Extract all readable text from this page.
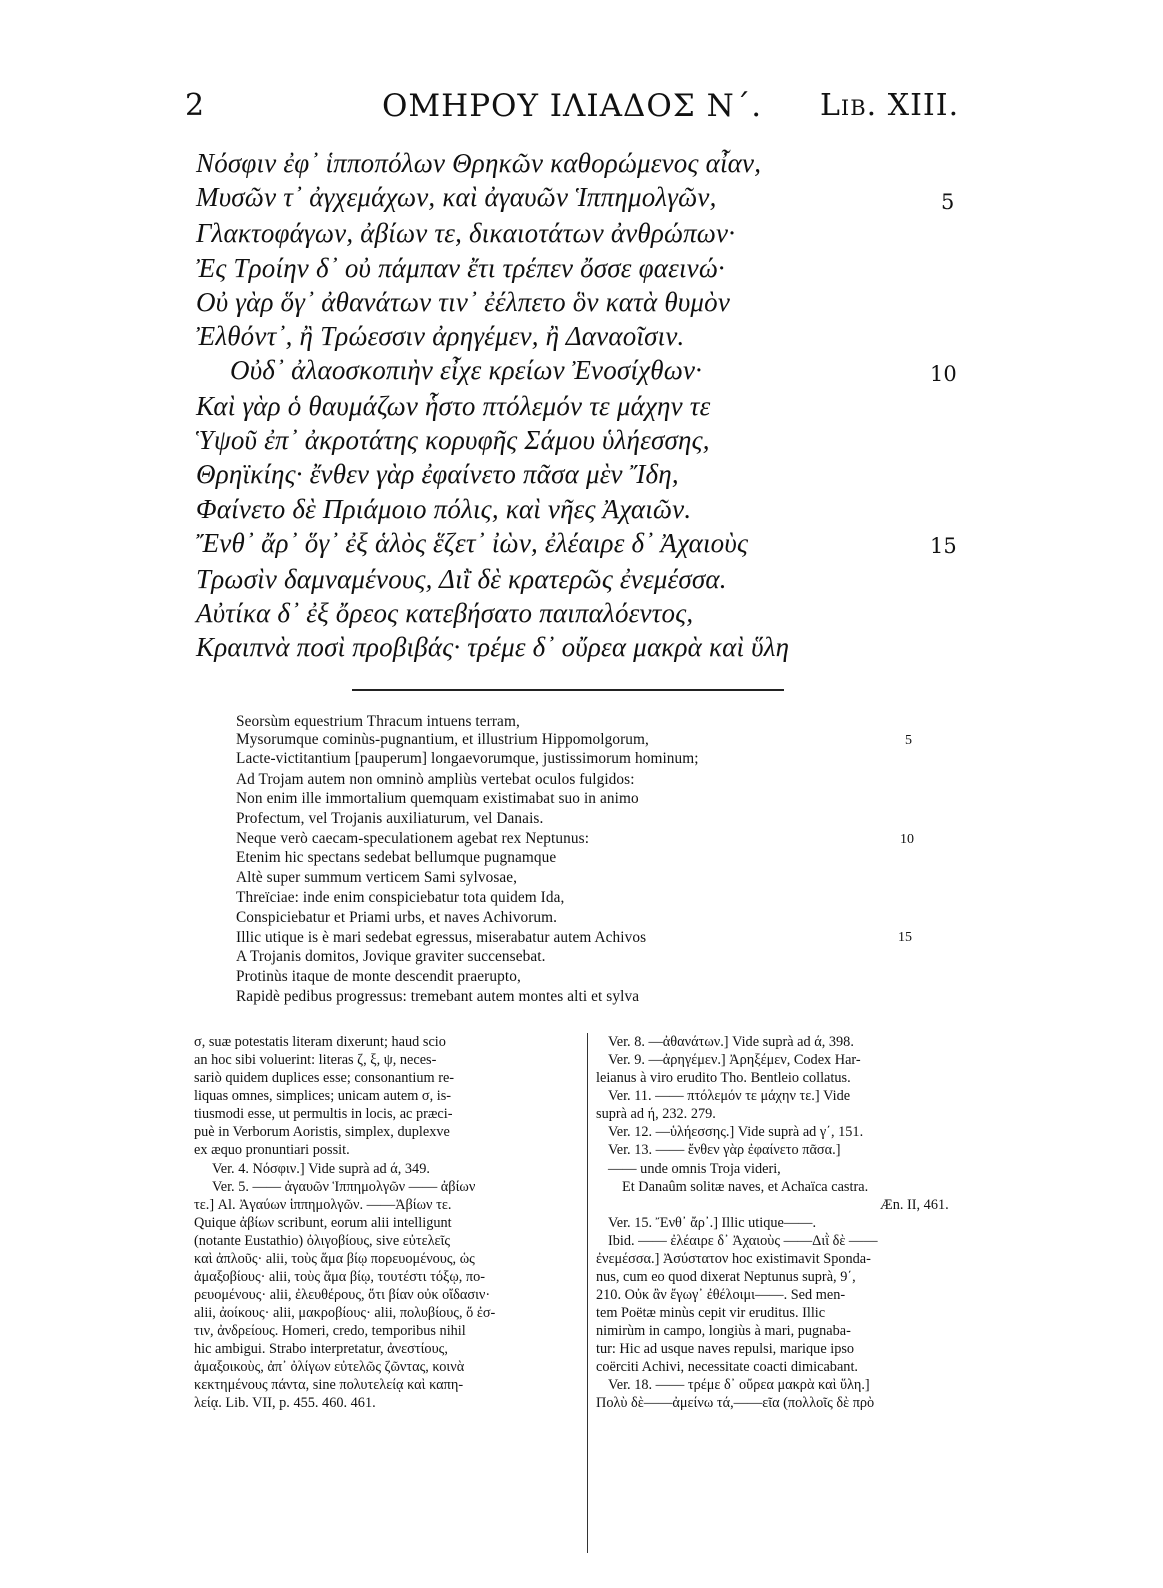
2	ΟΜΗΡΟΥ ΙΛΙΑΔΟΣ Ν΄. Lib. XIII.
Νόσφιν ἐφ᾽ ἱπποπόλων Θρηκῶν καθορώμενος αἶαν,
Μυσῶν τ᾽ ἀγχεμάχων, καὶ ἀγαυῶν Ἱππημολγῶν,
Γλακτοφάγων, ἀβίων τε, δικαιοτάτων ἀνθρώπων·
Ἐς Τροίην δ᾽ οὐ πάμπαν ἔτι τρέπεν ὄσσε φαεινώ·
Οὐ γὰρ ὅγ᾽ ἀθανάτων τιν᾽ ἐέλπετο ὃν κατὰ θυμὸν
Ἐλθόντ᾽, ἢ Τρώεσσιν ἀρηγέμεν, ἢ Δαναοῖσιν.
Οὐδ᾽ ἀλαοσκοπιὴν εἶχε κρείων Ἐνοσίχθων·
Καὶ γὰρ ὁ θαυμάζων ἧστο πτόλεμόν τε μάχην τε
Ὑψοῦ ἐπ᾽ ἀκροτάτης κορυφῆς Σάμου ὑλήεσσης,
Θρηϊκίης· ἔνθεν γὰρ ἐφαίνετο πᾶσα μὲν Ἴδη,
Φαίνετο δὲ Πριάμοιο πόλις, καὶ νῆες Ἀχαιῶν.
Ἔνθ᾽ ἄρ᾽ ὅγ᾽ ἐξ ἁλὸς ἕζετ᾽ ἰὼν, ἐλέαιρε δ᾽ Ἀχαιοὺς
Τρωσὶν δαμναμένους, Διῒ δὲ κρατερῶς ἐνεμέσσα.
Αὐτίκα δ᾽ ἐξ ὄρεος κατεβήσατο παιπαλόεντος,
Κραιπνὰ ποσὶ προβιβάς· τρέμε δ᾽ οὔρεα μακρὰ καὶ ὕλη
5
10
15
Seorsùm equestrium Thracum intuens terram,
Mysorumque cominùs-pugnantium, et illustrium Hippomolgorum,
Lacte-victitantium [pauperum] longaevorumque, justissimorum hominum;
Ad Trojam autem non omninò ampliùs vertebat oculos fulgidos:
Non enim ille immortalium quemquam existimabat suo in animo
Profectum, vel Trojanis auxiliaturum, vel Danais.
Neque verò caecam-speculationem agebat rex Neptunus:
Etenim hic spectans sedebat bellumque pugnamque
Altè super summum verticem Sami sylvosae,
Threïciae: inde enim conspiciebatur tota quidem Ida,
Conspiciebatur et Priami urbs, et naves Achivorum.
Illic utique is è mari sedebat egressus, miserabatur autem Achivos
A Trojanis domitos, Jovique graviter succensebat.
Protinùs itaque de monte descendit praerupto,
Rapidè pedibus progressus: tremebant autem montes alti et sylva
5
10
15
σ, suæ potestatis literam dixerunt; haud scio
an hoc sibi voluerint: literas ζ, ξ, ψ, neces-
sariò quidem duplices esse; consonantium re-
liquas omnes, simplices; unicam autem σ, is-
tiusmodi esse, ut permultis in locis, ac præci-
puè in Verborum Aoristis, simplex, duplexve
ex æquo pronuntiari possit.
Ver. 4. Νόσφιν.] Vide suprà ad ά, 349.
Ver. 5. —— ἀγαυῶν Ἱππημολγῶν —— ἀβίων
τε.] Al. Ἀγαύων ἱππημολγῶν. ——Ἀβίων τε.
Quique ἀβίων scribunt, eorum alii intelligunt
(notante Eustathio) ὀλιγοβίους, sive εὐτελεῖς
καὶ ἀπλοῦς· alii, τοὺς ἅμα βίῳ πορευομένους, ὡς
ἁμαξοβίους· alii, τοὺς ἅμα βίῳ, τουτέστι τόξῳ, πο-
ρευομένους· alii, ἐλευθέρους, ὅτι βίαν οὐκ οἴδασιν·
alii, ἀοίκους· alii, μακροβίους· alii, πολυβίους, ὅ ἐσ-
τιν, ἀνδρείους. Homeri, credo, temporibus nihil
hic ambigui. Strabo interpretatur, ἀνεστίους,
ἁμαξοικοὺς, ἀπ᾽ ὀλίγων εὐτελῶς ζῶντας, κοινὰ
κεκτημένους πάντα, sine πολυτελείᾳ καὶ καπη-
λείᾳ. Lib. VII, p. 455. 460. 461.
Ver. 8. —ἀθανάτων.] Vide suprà ad ά, 398.
Ver. 9. —ἀρηγέμεν.] Ἀρηξέμεν, Codex Har-
leianus à viro erudito Tho. Bentleio collatus.
Ver. 11. —— πτόλεμόν τε μάχην τε.] Vide
suprà ad ή, 232. 279.
Ver. 12. —ὑλήεσσης.] Vide suprà ad γ΄, 151.
Ver. 13. —— ἔνθεν γὰρ ἐφαίνετο πᾶσα.]
—— unde omnis Troja videri,
Et Danaûm solitæ naves, et Achaïca castra.
Æn. II, 461.
Ver. 15. Ἔνθ᾽ ἄρ᾽.] Illic utique——.
Ibid. —— ἐλέαιρε δ᾽ Ἀχαιοὺς ——Διῒ δὲ ——
ἐνεμέσσα.] Ἀσύστατον hoc existimavit Sponda-
nus, cum eo quod dixerat Neptunus suprà, 9΄,
210. Οὐκ ἂν ἔγωγ᾽ ἐθέλοιμι——. Sed men-
tem Poëtæ minùs cepit vir eruditus. Illic
nimirùm in campo, longiùs à mari, pugnaba-
tur: Hic ad usque naves repulsi, marique ipso
coërciti Achivi, necessitate coacti dimicabant.
Ver. 18. —— τρέμε δ᾽ οὔρεα μακρὰ καὶ ὕλη.]
Πολὺ δὲ——ἀμείνω τά,——εῖα (πολλοῖς δὲ πρὸ
